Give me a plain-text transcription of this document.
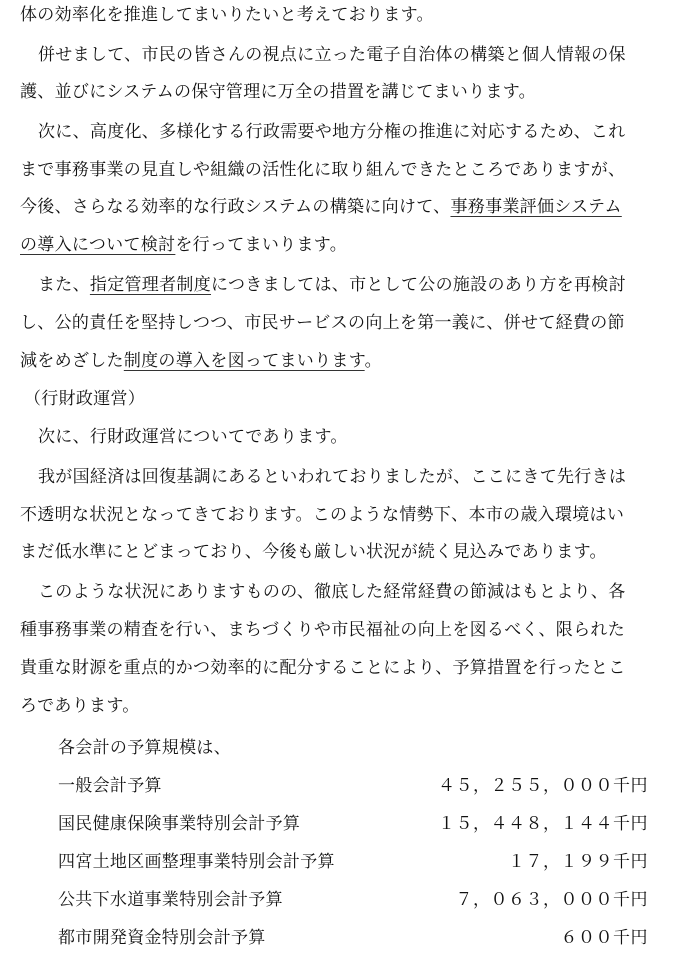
体の効率化を推進してまいりたいと考えております。
併せまして、市民の皆さんの視点に立った電子自治体の構築と個人情報の保
護、並びにシステムの保守管理に万全の措置を講じてまいります。
次に、高度化、多様化する行政需要や地方分権の推進に対応するため、これ
まで事務事業の見直しや組織の活性化に取り組んできたところでありますが、
今後、さらなる効率的な行政システムの構築に向けて、事務事業評価システム
の導入について検討を行ってまいります。
また、指定管理者制度につきましては、市として公の施設のあり方を再検討
し、公的責任を堅持しつつ、市民サービスの向上を第一義に、併せて経費の節
減をめざした制度の導入を図ってまいります。
（行財政運営）
次に、行財政運営についてであります。
我が国経済は回復基調にあるといわれておりましたが、ここにきて先行きは
不透明な状況となってきております。このような情勢下、本市の歳入環境はい
まだ低水準にとどまっており、今後も厳しい状況が続く見込みであります。
このような状況にありますものの、徹底した経常経費の節減はもとより、各
種事務事業の精査を行い、まちづくりや市民福祉の向上を図るべく、限られた
貴重な財源を重点的かつ効率的に配分することにより、予算措置を行ったとこ
ろであります。
各会計の予算規模は、
一般会計予算	４５，２５５，０００千円
国民健康保険事業特別会計予算	１５，４４８，１４４千円
四宮土地区画整理事業特別会計予算	１７，１９９千円
公共下水道事業特別会計予算	７，０６３，０００千円
都市開発資金特別会計予算	６００千円
